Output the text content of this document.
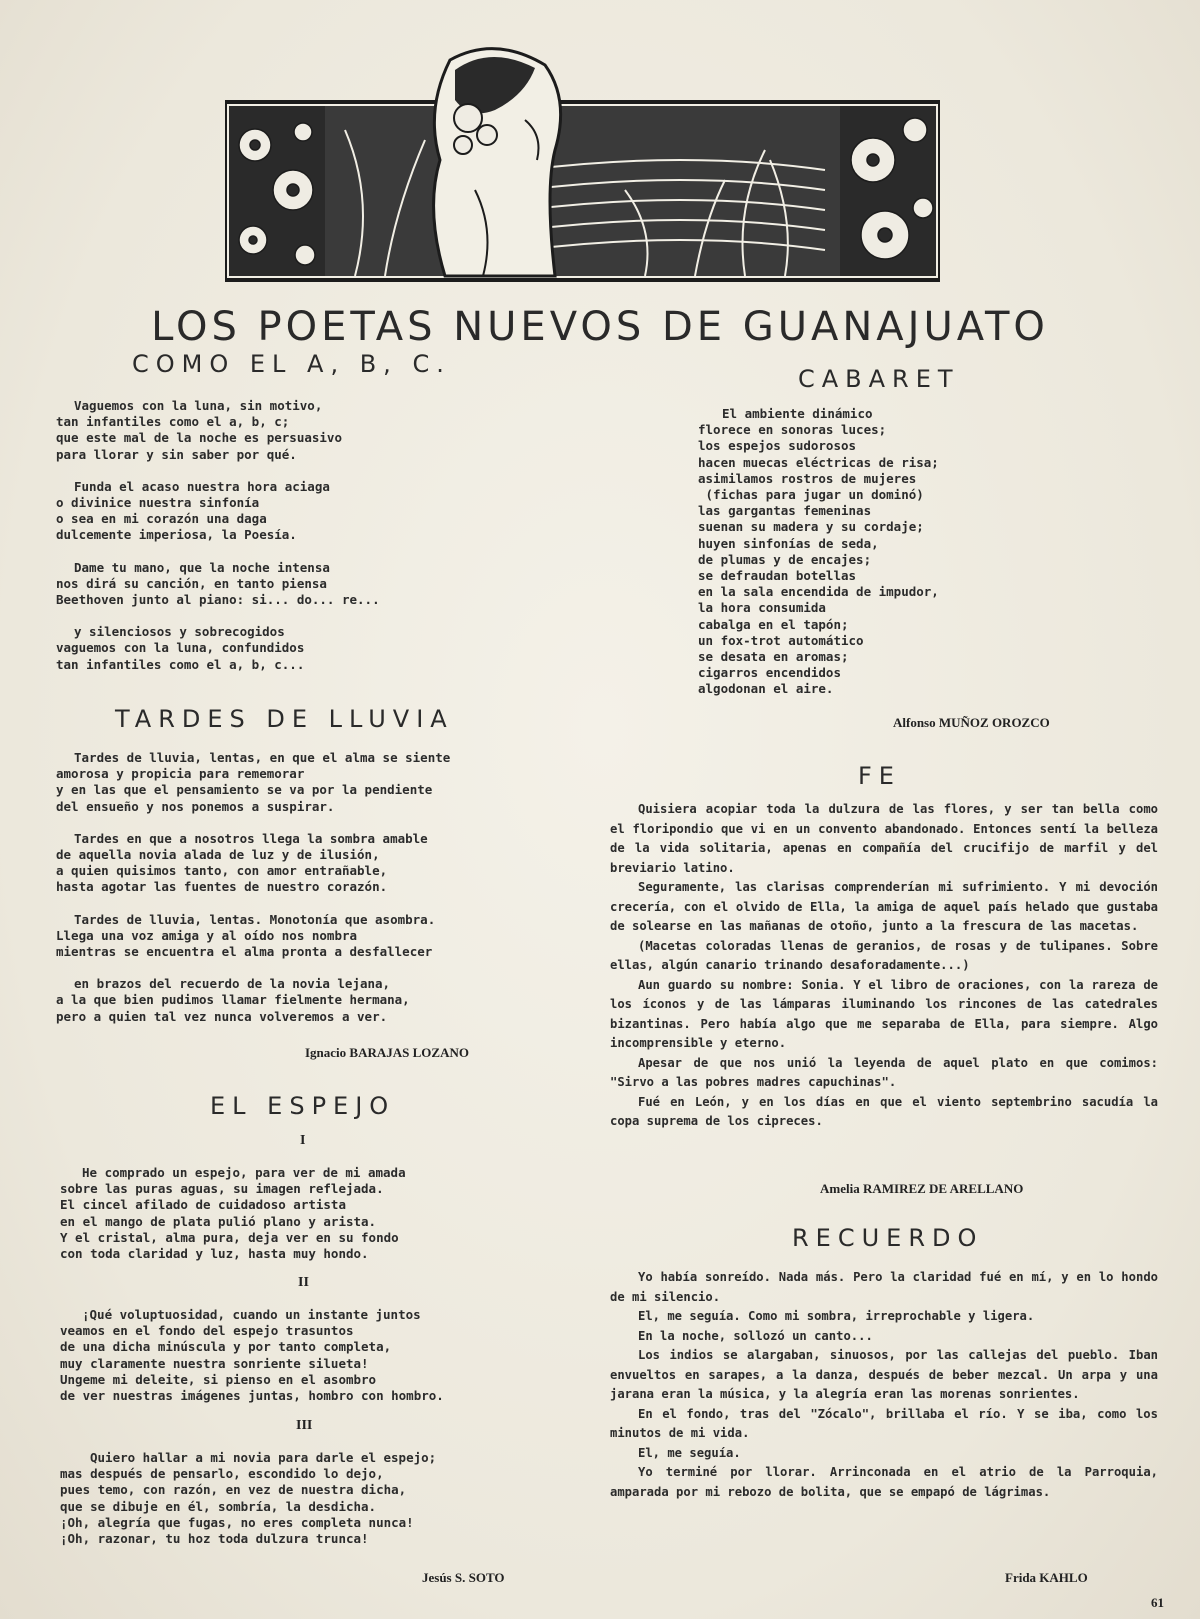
LOS POETAS NUEVOS DE GUANAJUATO
COMO EL A, B, C.
Vaguemos con la luna, sin motivo,
tan infantiles como el a, b, c;
que este mal de la noche es persuasivo
para llorar y sin saber por qué.
Funda el acaso nuestra hora aciaga
o divinice nuestra sinfonía
o sea en mi corazón una daga
dulcemente imperiosa, la Poesía.
Dame tu mano, que la noche intensa
nos dirá su canción, en tanto piensa
Beethoven junto al piano: si... do... re...
y silenciosos y sobrecogidos
vaguemos con la luna, confundidos
tan infantiles como el a, b, c...
TARDES DE LLUVIA
Tardes de lluvia, lentas, en que el alma se siente
amorosa y propicia para rememorar
y en las que el pensamiento se va por la pendiente
del ensueño y nos ponemos a suspirar.
Tardes en que a nosotros llega la sombra amable
de aquella novia alada de luz y de ilusión,
a quien quisimos tanto, con amor entrañable,
hasta agotar las fuentes de nuestro corazón.
Tardes de lluvia, lentas. Monotonía que asombra.
Llega una voz amiga y al oído nos nombra
mientras se encuentra el alma pronta a desfallecer
en brazos del recuerdo de la novia lejana,
a la que bien pudimos llamar fielmente hermana,
pero a quien tal vez nunca volveremos a ver.
Ignacio BARAJAS LOZANO
EL ESPEJO
I
He comprado un espejo, para ver de mi amada
sobre las puras aguas, su imagen reflejada.
El cincel afilado de cuidadoso artista
en el mango de plata pulió plano y arista.
Y el cristal, alma pura, deja ver en su fondo
con toda claridad y luz, hasta muy hondo.
II
¡Qué voluptuosidad, cuando un instante juntos
veamos en el fondo del espejo trasuntos
de una dicha minúscula y por tanto completa,
muy claramente nuestra sonriente silueta!
Ungeme mi deleite, si pienso en el asombro
de ver nuestras imágenes juntas, hombro con hombro.
III
Quiero hallar a mi novia para darle el espejo;
mas después de pensarlo, escondido lo dejo,
pues temo, con razón, en vez de nuestra dicha,
que se dibuje en él, sombría, la desdicha.
¡Oh, alegría que fugas, no eres completa nunca!
¡Oh, razonar, tu hoz toda dulzura trunca!
Jesús S. SOTO
CABARET
El ambiente dinámico
florece en sonoras luces;
los espejos sudorosos
hacen muecas eléctricas de risa;
asimilamos rostros de mujeres
(fichas para jugar un dominó)
las gargantas femeninas
suenan su madera y su cordaje;
huyen sinfonías de seda,
de plumas y de encajes;
se defraudan botellas
en la sala encendida de impudor,
la hora consumida
cabalga en el tapón;
un fox-trot automático
se desata en aromas;
cigarros encendidos
algodonan el aire.
Alfonso MUÑOZ OROZCO
FE

Quisiera acopiar toda la dulzura de las flores, y ser tan bella como el floripondio que vi en un convento abandonado. Entonces sentí la belleza de la vida solitaria, apenas en compañía del crucifijo de marfil y del breviario latino.

Seguramente, las clarisas comprenderían mi sufrimiento. Y mi devoción crecería, con el olvido de Ella, la amiga de aquel país helado que gustaba de solearse en las mañanas de otoño, junto a la frescura de las macetas.

(Macetas coloradas llenas de geranios, de rosas y de tulipanes. Sobre ellas, algún canario trinando desaforadamente...)

Aun guardo su nombre: Sonia. Y el libro de oraciones, con la rareza de los íconos y de las lámparas iluminando los rincones de las catedrales bizantinas. Pero había algo que me separaba de Ella, para siempre. Algo incomprensible y eterno.

Apesar de que nos unió la leyenda de aquel plato en que comimos: "Sirvo a las pobres madres capuchinas".

Fué en León, y en los días en que el viento septembrino sacudía la copa suprema de los cipreces.

Amelia RAMIREZ DE ARELLANO
RECUERDO

Yo había sonreído. Nada más. Pero la claridad fué en mí, y en lo hondo de mi silencio.

El, me seguía. Como mi sombra, irreprochable y ligera.

En la noche, sollozó un canto...

Los indios se alargaban, sinuosos, por las callejas del pueblo. Iban envueltos en sarapes, a la danza, después de beber mezcal. Un arpa y una jarana eran la música, y la alegría eran las morenas sonrientes.

En el fondo, tras del "Zócalo", brillaba el río. Y se iba, como los minutos de mi vida.

El, me seguía.

Yo terminé por llorar. Arrinconada en el atrio de la Parroquia, amparada por mi rebozo de bolita, que se empapó de lágrimas.

Frida KAHLO
61
